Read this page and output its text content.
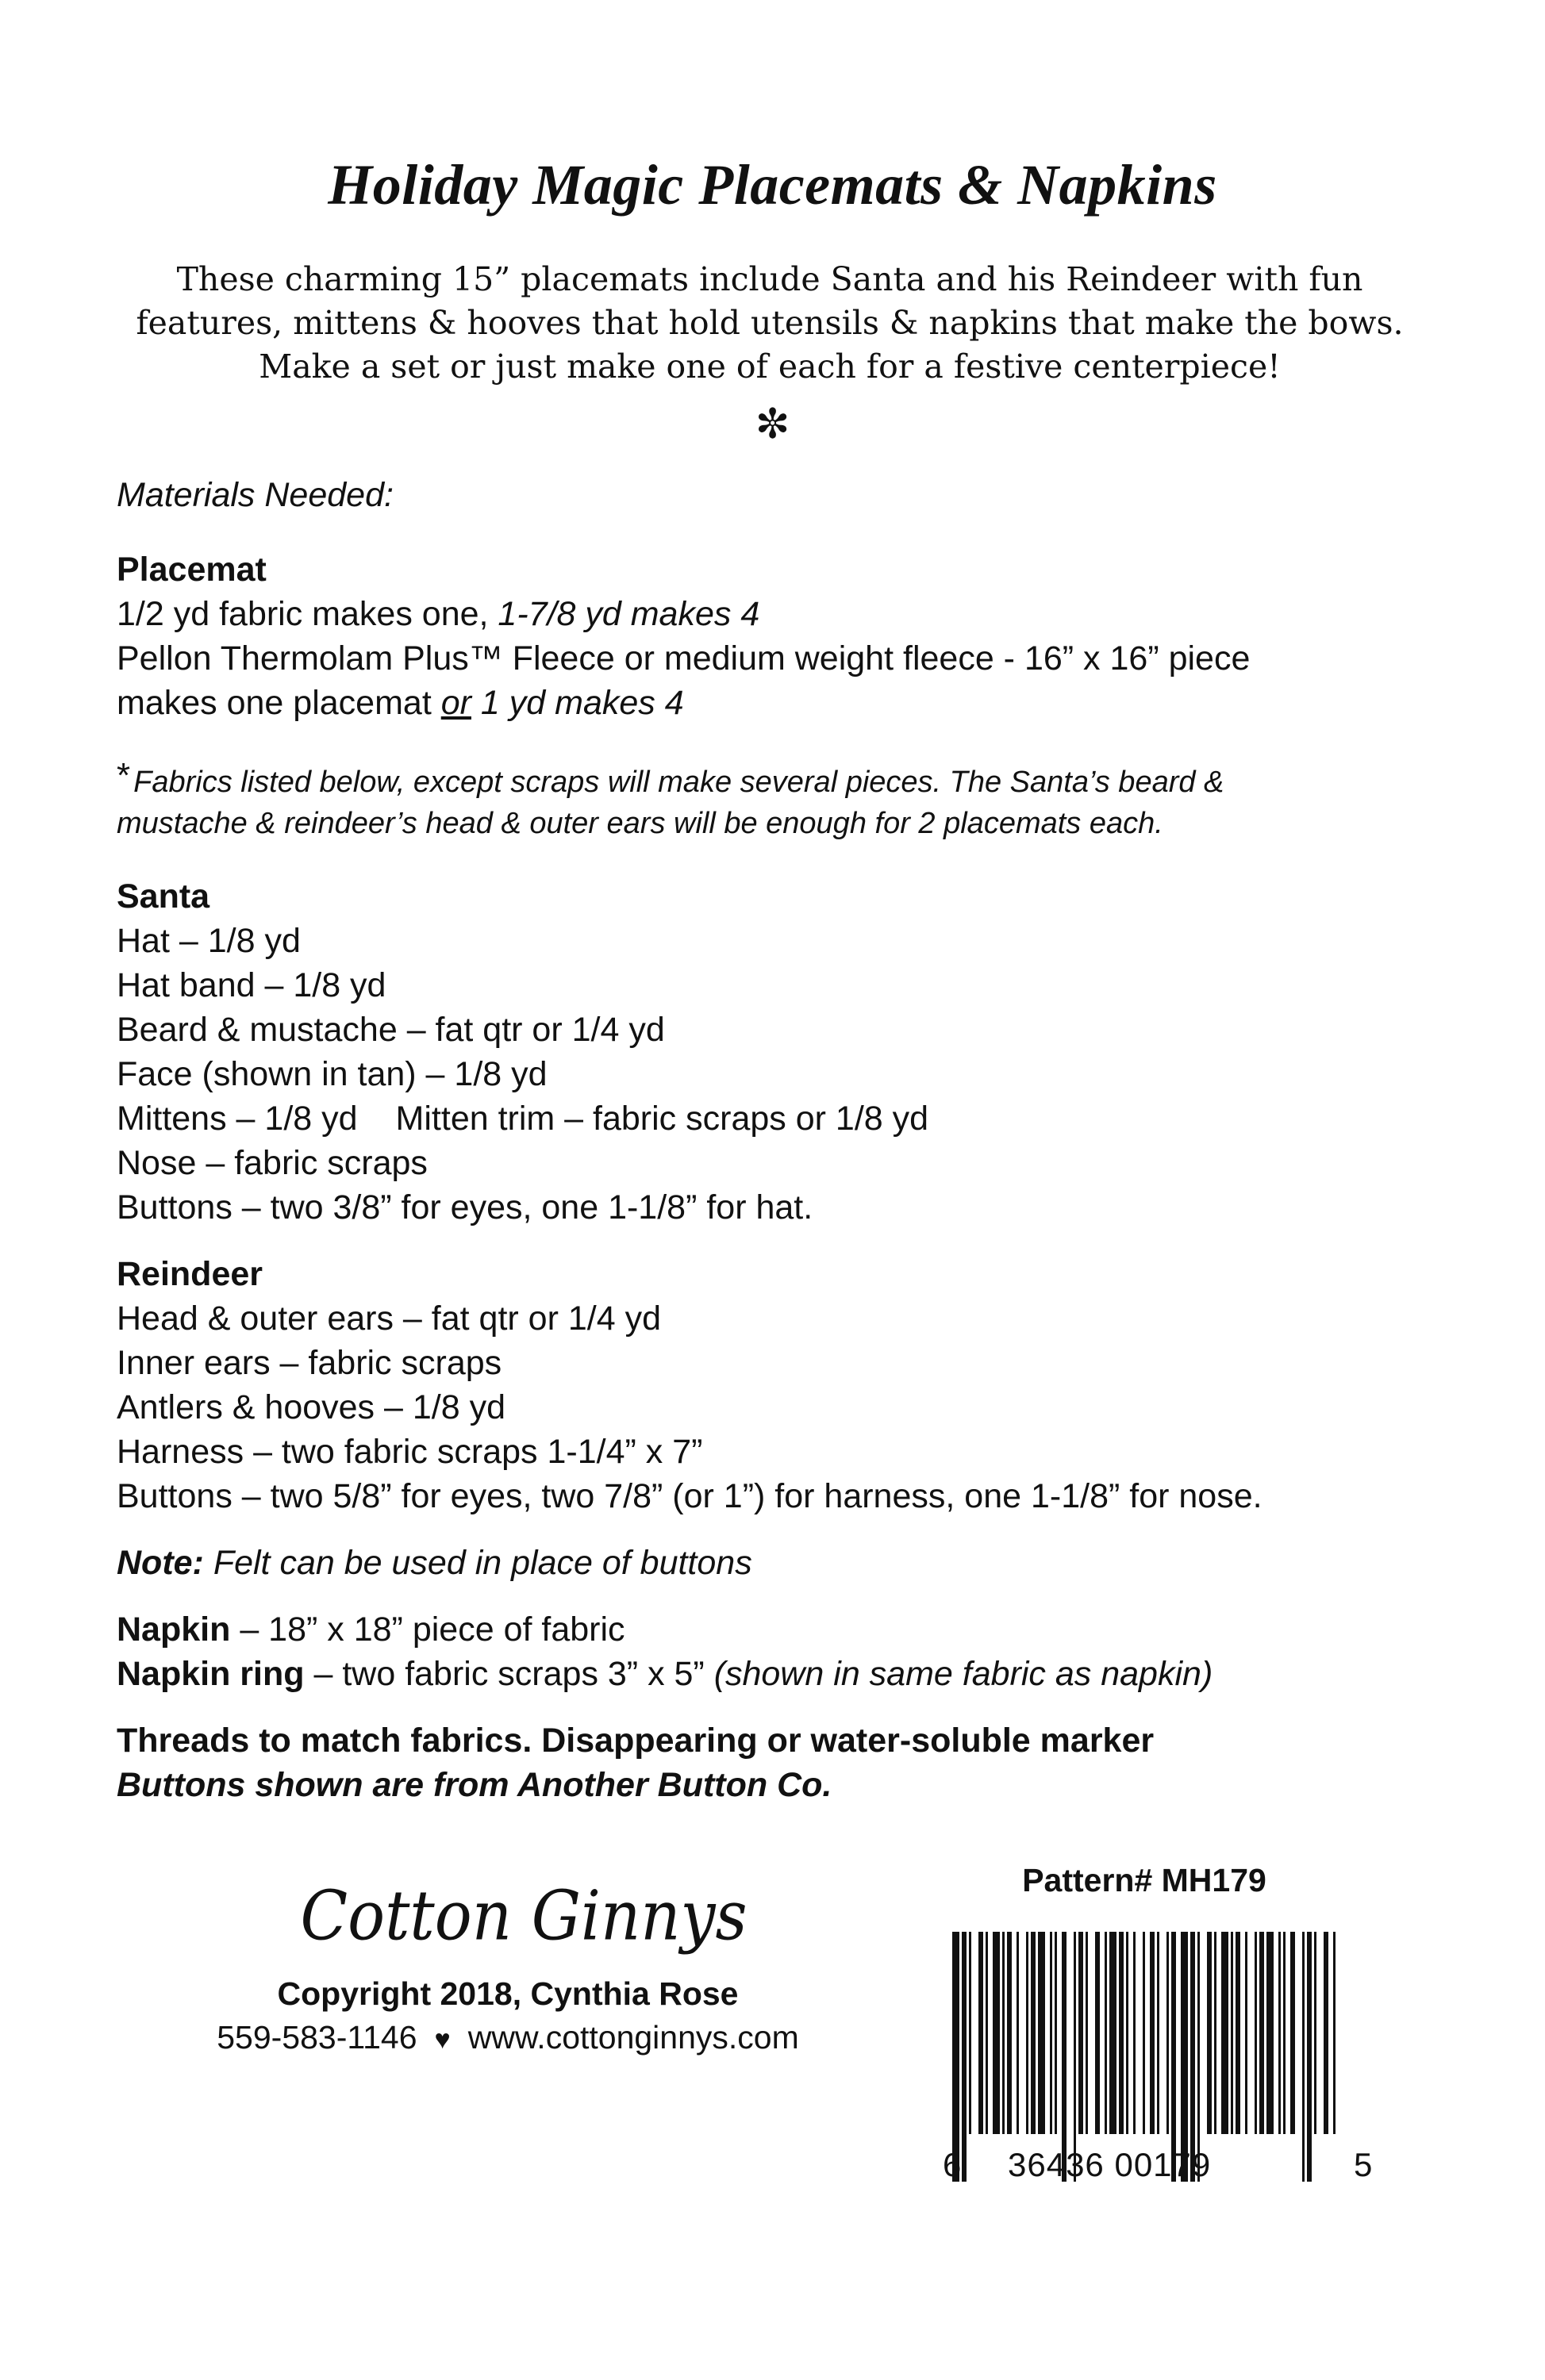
Holiday Magic Placemats & Napkins
These charming 15” placemats include Santa and his Reindeer with fun
features, mittens & hooves that hold utensils & napkins that make the bows.
Make a set or just make one of each for a festive centerpiece!
✼
Materials Needed:
Placemat
1/2 yd fabric makes one, 1-7/8 yd makes 4
Pellon Thermolam Plus™ Fleece or medium weight fleece - 16” x 16” piece
makes one placemat or 1 yd makes 4
* Fabrics listed below, except scraps will make several pieces. The Santa’s beard &
mustache & reindeer’s head & outer ears will be enough for 2 placemats each.
Santa
Hat – 1/8 yd
Hat band – 1/8 yd
Beard & mustache – fat qtr or 1/4 yd
Face (shown in tan) – 1/8 yd
Mittens – 1/8 yd Mitten trim – fabric scraps or 1/8 yd
Nose – fabric scraps
Buttons – two 3/8” for eyes, one 1-1/8” for hat.
Reindeer
Head & outer ears – fat qtr or 1/4 yd
Inner ears – fabric scraps
Antlers & hooves – 1/8 yd
Harness – two fabric scraps 1-1/4” x 7”
Buttons – two 5/8” for eyes, two 7/8” (or 1”) for harness, one 1-1/8” for nose.
Note: Felt can be used in place of buttons
Napkin – 18” x 18” piece of fabric
Napkin ring – two fabric scraps 3” x 5” (shown in same fabric as napkin)
Threads to match fabrics. Disappearing or water-soluble marker
Buttons shown are from Another Button Co.
Cotton Ginnys
Copyright 2018, Cynthia Rose
559-583-1146 ♥ www.cottonginnys.com
Pattern# MH179
6 36436 00179	5
